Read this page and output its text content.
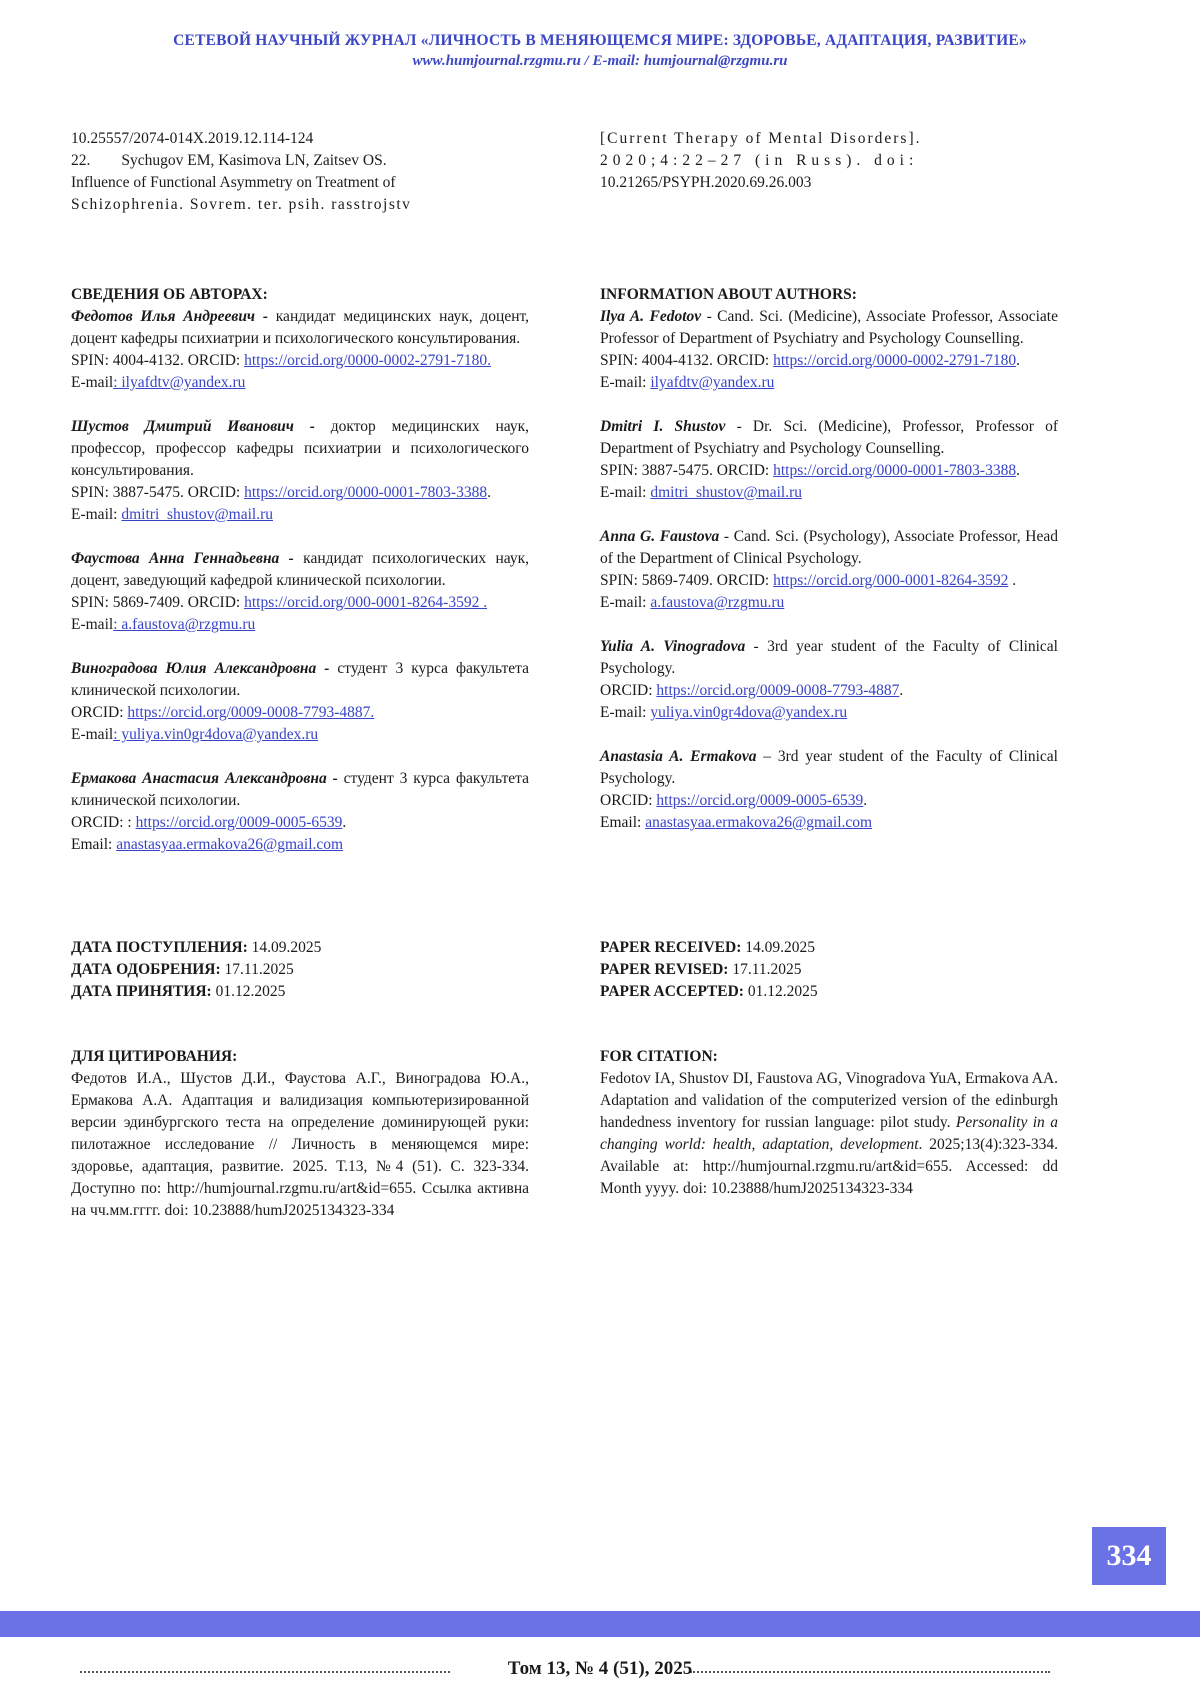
СЕТЕВОЙ НАУЧНЫЙ ЖУРНАЛ «ЛИЧНОСТЬ В МЕНЯЮЩЕМСЯ МИРЕ: ЗДОРОВЬЕ, АДАПТАЦИЯ, РАЗВИТИЕ»
www.humjournal.rzgmu.ru / E-mail: humjournal@rzgmu.ru
10.25557/2074-014X.2019.12.114-124
22.        Sychugov EM, Kasimova LN, Zaitsev OS.
Influence of Functional Asymmetry on Treatment of
Schizophrenia. Sovrem. ter. psih. rasstrojstv
[Current Therapy of Mental Disorders].
2020;4:22–27 (in Russ). doi:
10.21265/PSYPH.2020.69.26.003
СВЕДЕНИЯ ОБ АВТОРАХ:
Федотов Илья Андреевич - кандидат медицинских наук, доцент, доцент кафедры психиатрии и психологического консультирования.
SPIN: 4004-4132. ORCID: https://orcid.org/0000-0002-2791-7180.
E-mail: ilyafdtv@yandex.ru
Шустов Дмитрий Иванович - доктор медицинских наук, профессор, профессор кафедры психиатрии и психологического консультирования.
SPIN: 3887-5475. ORCID: https://orcid.org/0000-0001-7803-3388.
E-mail: dmitri_shustov@mail.ru
Фаустова Анна Геннадьевна - кандидат психологических наук, доцент, заведующий кафедрой клинической психологии.
SPIN: 5869-7409. ORCID: https://orcid.org/000-0001-8264-3592 .
E-mail: a.faustova@rzgmu.ru
Виноградова Юлия Александровна - студент 3 курса факультета клинической психологии.
ORCID: https://orcid.org/0009-0008-7793-4887.
E-mail: yuliya.vin0gr4dova@yandex.ru
Ермакова Анастасия Александровна - студент 3 курса факультета клинической психологии.
ORCID: : https://orcid.org/0009-0005-6539.
Email: anastasyaa.ermakova26@gmail.com
INFORMATION ABOUT AUTHORS:
Ilya A. Fedotov - Cand. Sci. (Medicine), Associate Professor, Associate Professor of Department of Psychiatry and Psychology Counselling.
SPIN: 4004-4132. ORCID: https://orcid.org/0000-0002-2791-7180.
E-mail: ilyafdtv@yandex.ru
Dmitri I. Shustov - Dr. Sci. (Medicine), Professor, Professor of Department of Psychiatry and Psychology Counselling.
SPIN: 3887-5475. ORCID: https://orcid.org/0000-0001-7803-3388.
E-mail: dmitri_shustov@mail.ru
Anna G. Faustova - Cand. Sci. (Psychology), Associate Professor, Head of the Department of Clinical Psychology.
SPIN: 5869-7409. ORCID: https://orcid.org/000-0001-8264-3592 .
E-mail: a.faustova@rzgmu.ru
Yulia A. Vinogradova - 3rd year student of the Faculty of Clinical Psychology.
ORCID: https://orcid.org/0009-0008-7793-4887.
E-mail: yuliya.vin0gr4dova@yandex.ru
Anastasia A. Ermakova – 3rd year student of the Faculty of Clinical Psychology.
ORCID: https://orcid.org/0009-0005-6539.
Email: anastasyaa.ermakova26@gmail.com
ДАТА ПОСТУПЛЕНИЯ: 14.09.2025
ДАТА ОДОБРЕНИЯ: 17.11.2025
ДАТА ПРИНЯТИЯ: 01.12.2025
PAPER RECEIVED: 14.09.2025
PAPER REVISED: 17.11.2025
PAPER ACCEPTED: 01.12.2025
ДЛЯ ЦИТИРОВАНИЯ:
Федотов И.А., Шустов Д.И., Фаустова А.Г., Виноградова Ю.А., Ермакова А.А. Адаптация и валидизация компьютеризированной версии эдинбургского теста на определение доминирующей руки: пилотажное исследование // Личность в меняющемся мире: здоровье, адаптация, развитие. 2025. Т.13, №4 (51). С. 323-334. Доступно по: http://humjournal.rzgmu.ru/art&id=655. Ссылка активна на чч.мм.гггг. doi: 10.23888/humJ2025134323-334
FOR CITATION:
Fedotov IA, Shustov DI, Faustova AG, Vinogradova YuA, Ermakova AA. Adaptation and validation of the computerized version of the edinburgh handedness inventory for russian language: pilot study. Personality in a changing world: health, adaptation, development. 2025;13(4):323-334. Available at: http://humjournal.rzgmu.ru/art&id=655. Accessed: dd Month yyyy. doi: 10.23888/humJ2025134323-334
334
Том 13, № 4 (51), 2025
